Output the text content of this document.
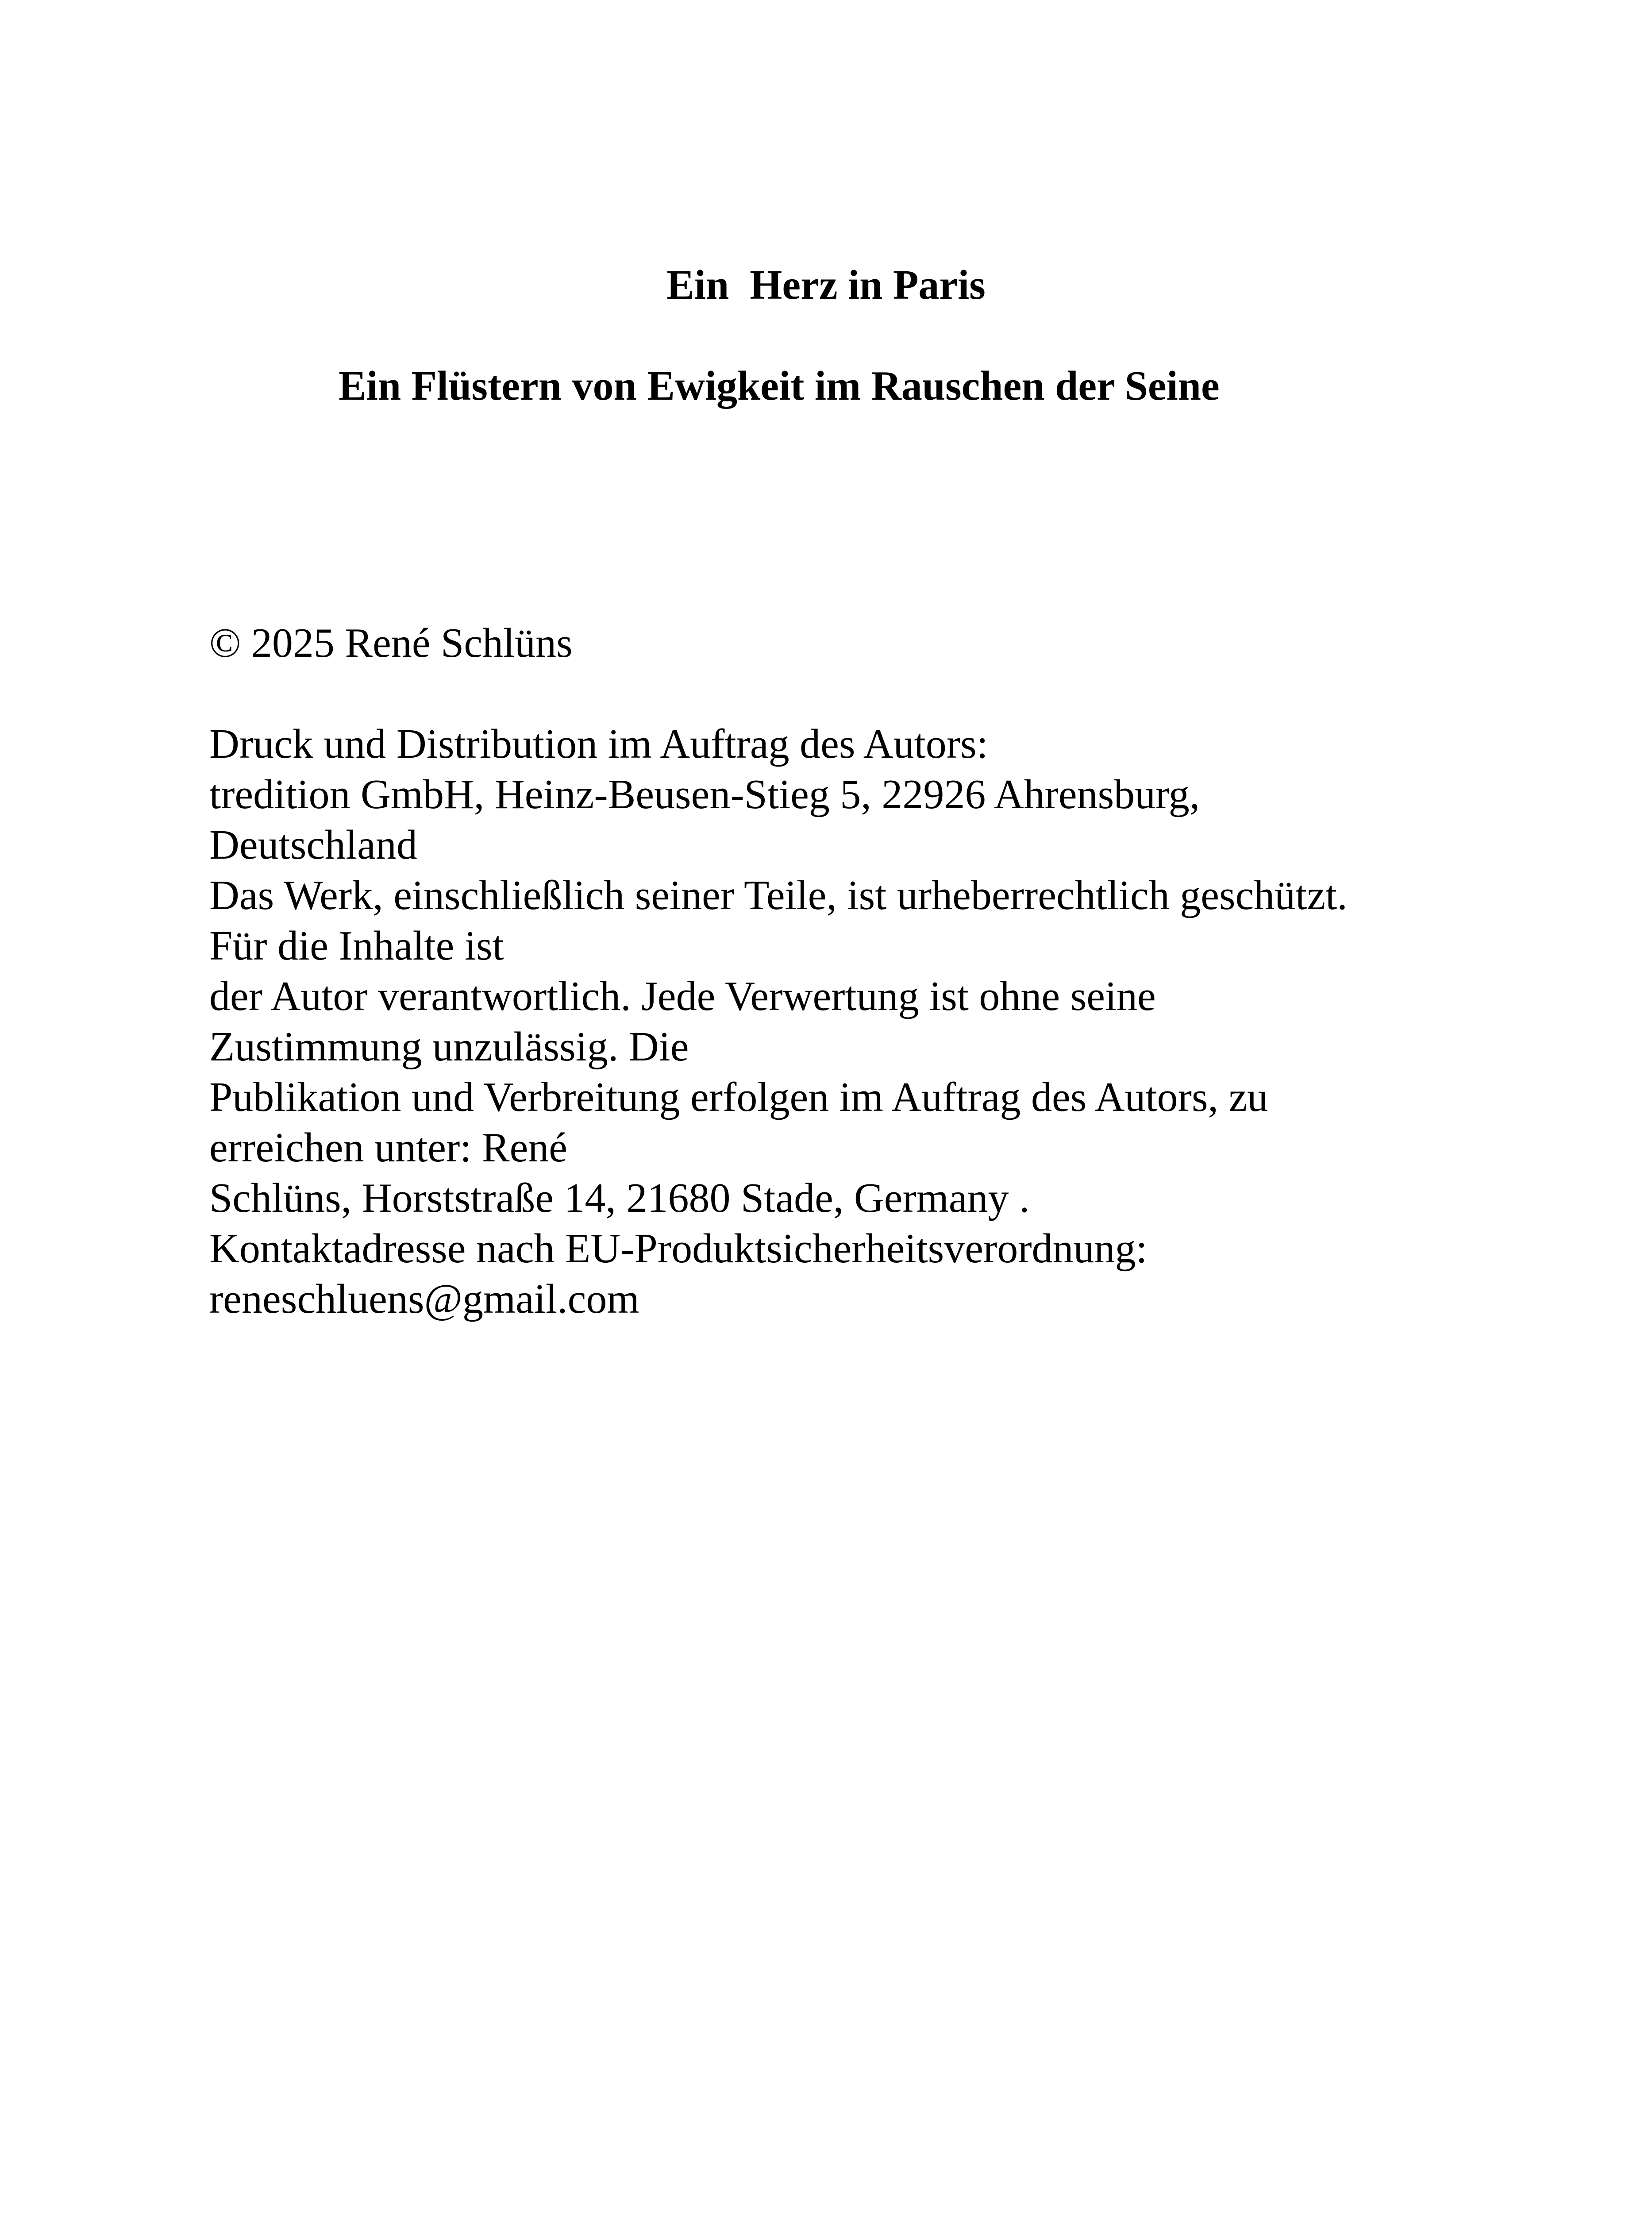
Ein  Herz in Paris
Ein Flüstern von Ewigkeit im Rauschen der Seine

© 2025 René Schlüns

Druck und Distribution im Auftrag des Autors:
tredition GmbH, Heinz-Beusen-Stieg 5, 22926 Ahrensburg,
Deutschland
Das Werk, einschließlich seiner Teile, ist urheberrechtlich geschützt.
Für die Inhalte ist
der Autor verantwortlich. Jede Verwertung ist ohne seine
Zustimmung unzulässig. Die
Publikation und Verbreitung erfolgen im Auftrag des Autors, zu
erreichen unter: René
Schlüns, Horststraße 14, 21680 Stade, Germany .
Kontaktadresse nach EU-Produktsicherheitsverordnung:
reneschluens@gmail.com
